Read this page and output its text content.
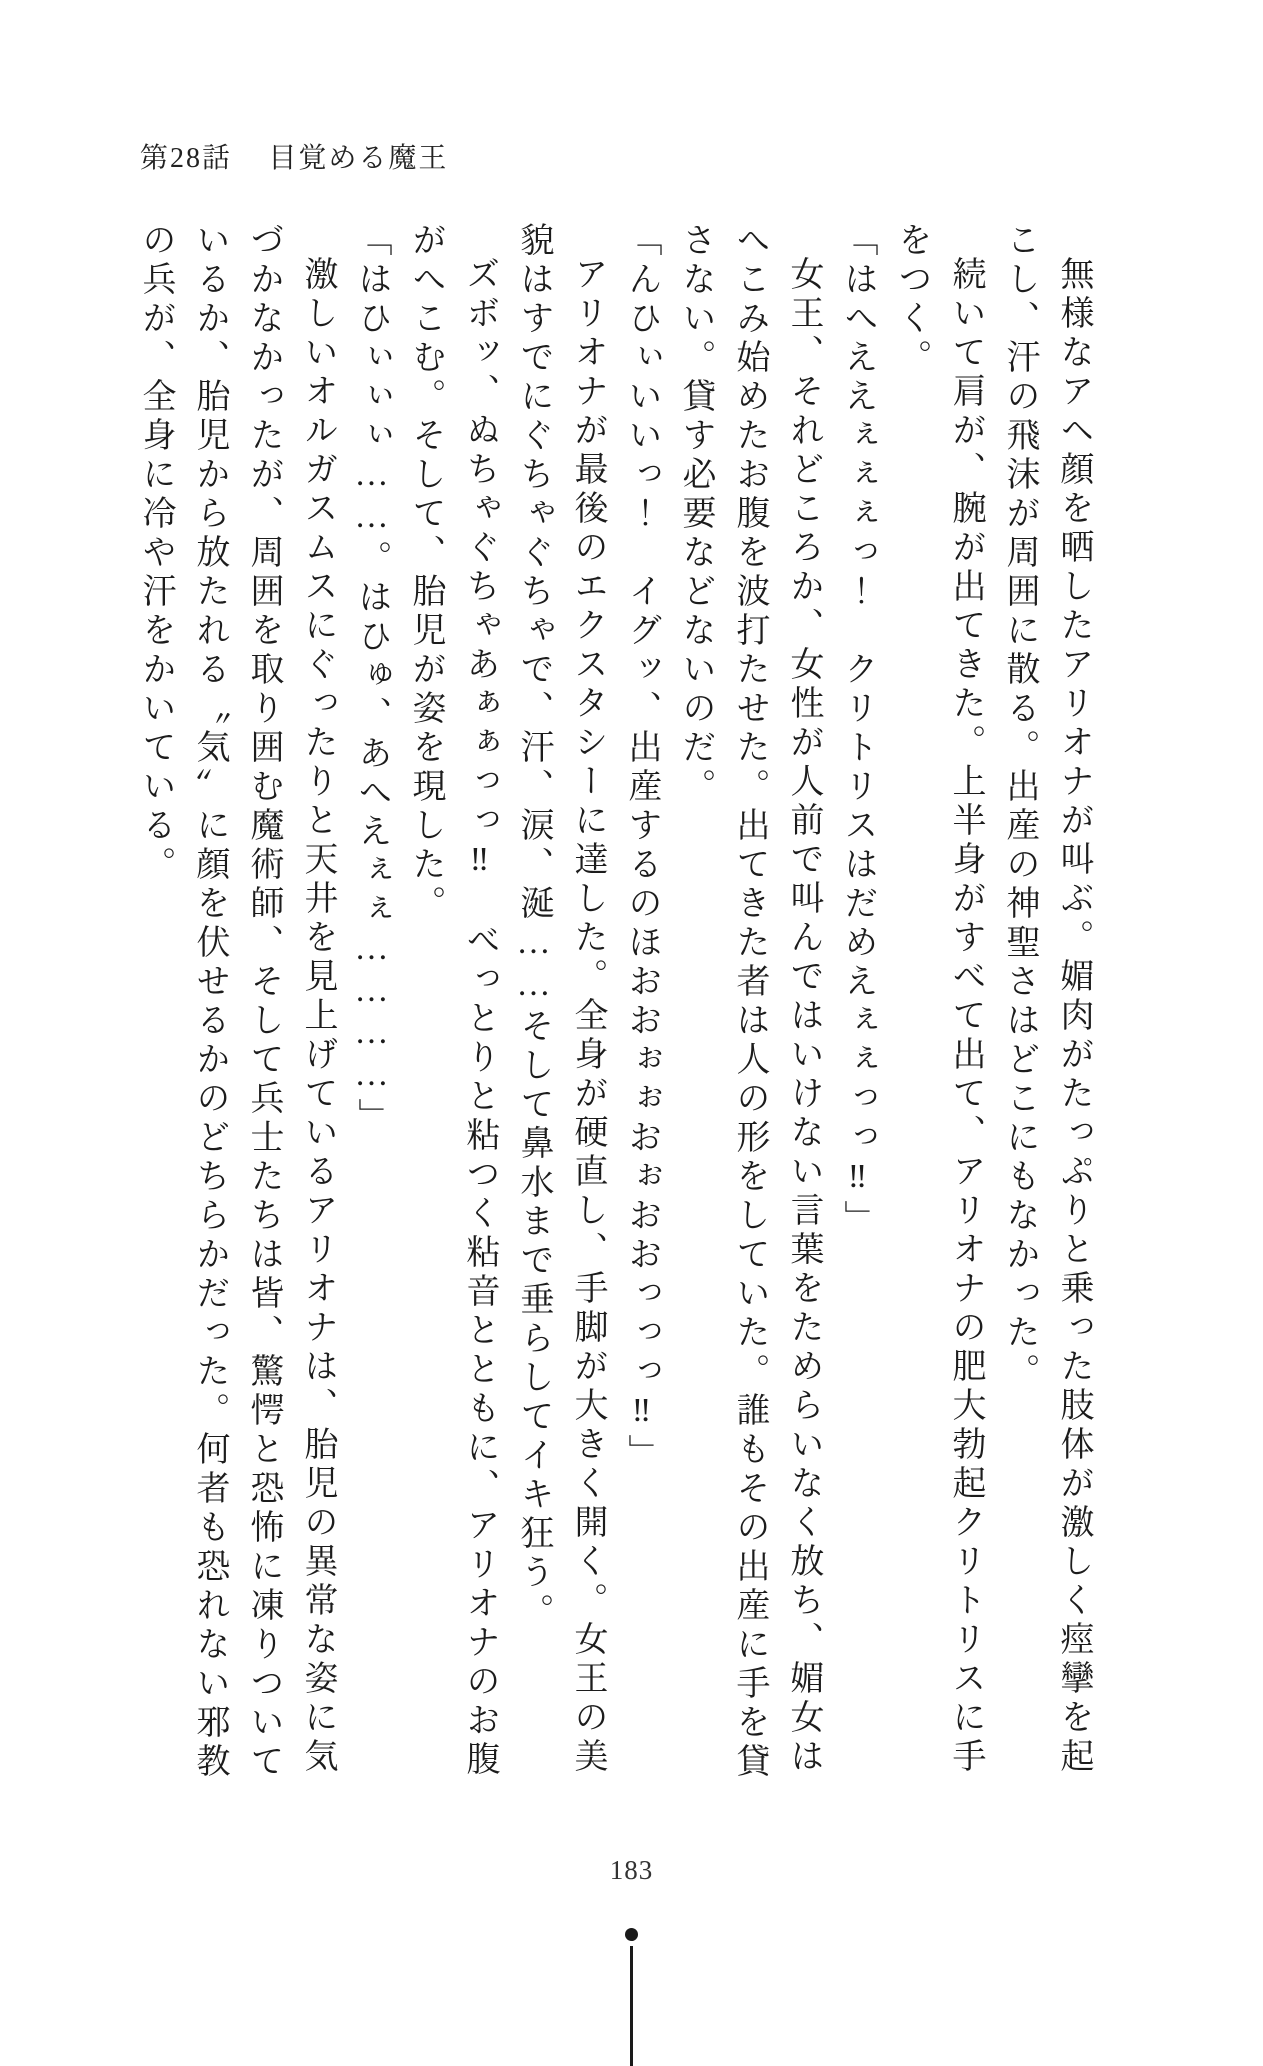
第28話 目覚める魔王

無様なアヘ顔を晒したアリオナが叫ぶ。媚肉がたっぷりと乗った肢体が激しく痙攣を起こし、汗の飛沫が周囲に散る。出産の神聖さはどこにもなかった。

続いて肩が、腕が出てきた。上半身がすべて出て、アリオナの肥大勃起クリトリスに手をつく。

「はへええぇぇぇっ！　クリトリスはだめえぇぇっっ‼」

女王、それどころか、女性が人前で叫んではいけない言葉をためらいなく放ち、媚女はへこみ始めたお腹を波打たせた。出てきた者は人の形をしていた。誰もその出産に手を貸さない。貸す必要などないのだ。

「んひぃいいっ！　イグッ、出産するのほおおぉぉおぉおおっっっ‼」

アリオナが最後のエクスタシーに達した。全身が硬直し、手脚が大きく開く。女王の美貌はすでにぐちゃぐちゃで、汗、涙、涎……そして鼻水まで垂らしてイキ狂う。

ズボッ、ぬちゃぐちゃあぁぁっっ‼　べっとりと粘つく粘音とともに、アリオナのお腹がへこむ。そして、胎児が姿を現した。

「はひぃぃぃ……。はひゅ、あへえぇぇ…………」

激しいオルガスムスにぐったりと天井を見上げているアリオナは、胎児の異常な姿に気づかなかったが、周囲を取り囲む魔術師、そして兵士たちは皆、驚愕と恐怖に凍りついているか、胎児から放たれる〝気〟に顔を伏せるかのどちらかだった。何者も恐れない邪教の兵が、全身に冷や汗をかいている。

183
